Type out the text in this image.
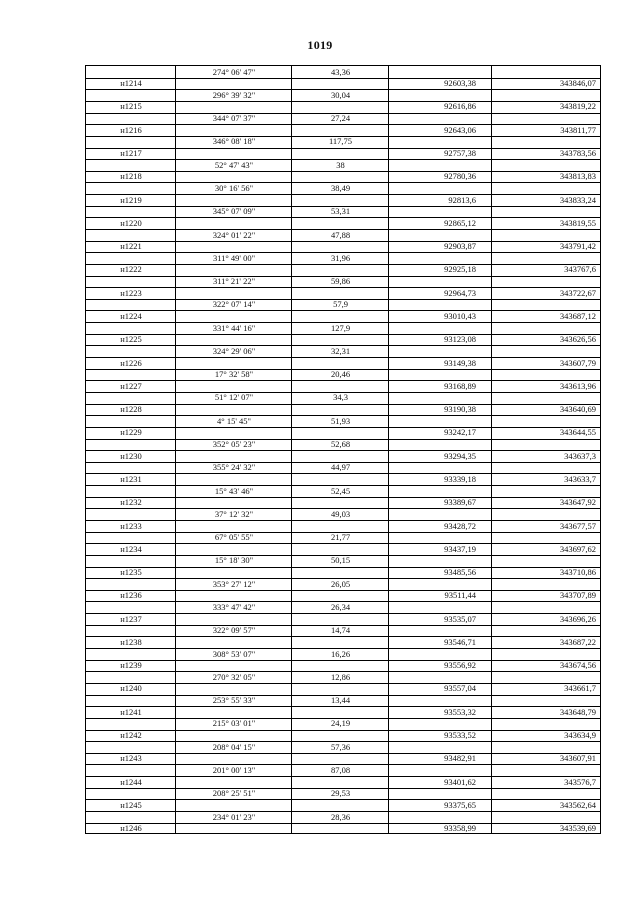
1019
274° 06' 47"	43,36
н1214	92603,38	343846,07
296° 39' 32"	30,04
н1215	92616,86	343819,22
344° 07' 37"	27,24
н1216	92643,06	343811,77
346° 08' 18"	117,75
н1217	92757,38	343783,56
52° 47' 43"	38
н1218	92780,36	343813,83
30° 16' 56"	38,49
н1219	92813,6	343833,24
345° 07' 09"	53,31
н1220	92865,12	343819,55
324° 01' 22"	47,88
н1221	92903,87	343791,42
311° 49' 00"	31,96
н1222	92925,18	343767,6
311° 21' 22"	59,86
н1223	92964,73	343722,67
322° 07' 14"	57,9
н1224	93010,43	343687,12
331° 44' 16"	127,9
н1225	93123,08	343626,56
324° 29' 06"	32,31
н1226	93149,38	343607,79
17° 32' 58"	20,46
н1227	93168,89	343613,96
51° 12' 07"	34,3
н1228	93190,38	343640,69
4° 15' 45"	51,93
н1229	93242,17	343644,55
352° 05' 23"	52,68
н1230	93294,35	343637,3
355° 24' 32"	44,97
н1231	93339,18	343633,7
15° 43' 46"	52,45
н1232	93389,67	343647,92
37° 12' 32"	49,03
н1233	93428,72	343677,57
67° 05' 55"	21,77
н1234	93437,19	343697,62
15° 18' 30"	50,15
н1235	93485,56	343710,86
353° 27' 12"	26,05
н1236	93511,44	343707,89
333° 47' 42"	26,34
н1237	93535,07	343696,26
322° 09' 57"	14,74
н1238	93546,71	343687,22
308° 53' 07"	16,26
н1239	93556,92	343674,56
270° 32' 05"	12,86
н1240	93557,04	343661,7
253° 55' 33"	13,44
н1241	93553,32	343648,79
215° 03' 01"	24,19
н1242	93533,52	343634,9
208° 04' 15"	57,36
н1243	93482,91	343607,91
201° 00' 13"	87,08
н1244	93401,62	343576,7
208° 25' 51"	29,53
н1245	93375,65	343562,64
234° 01' 23"	28,36
н1246	93358,99	343539,69
